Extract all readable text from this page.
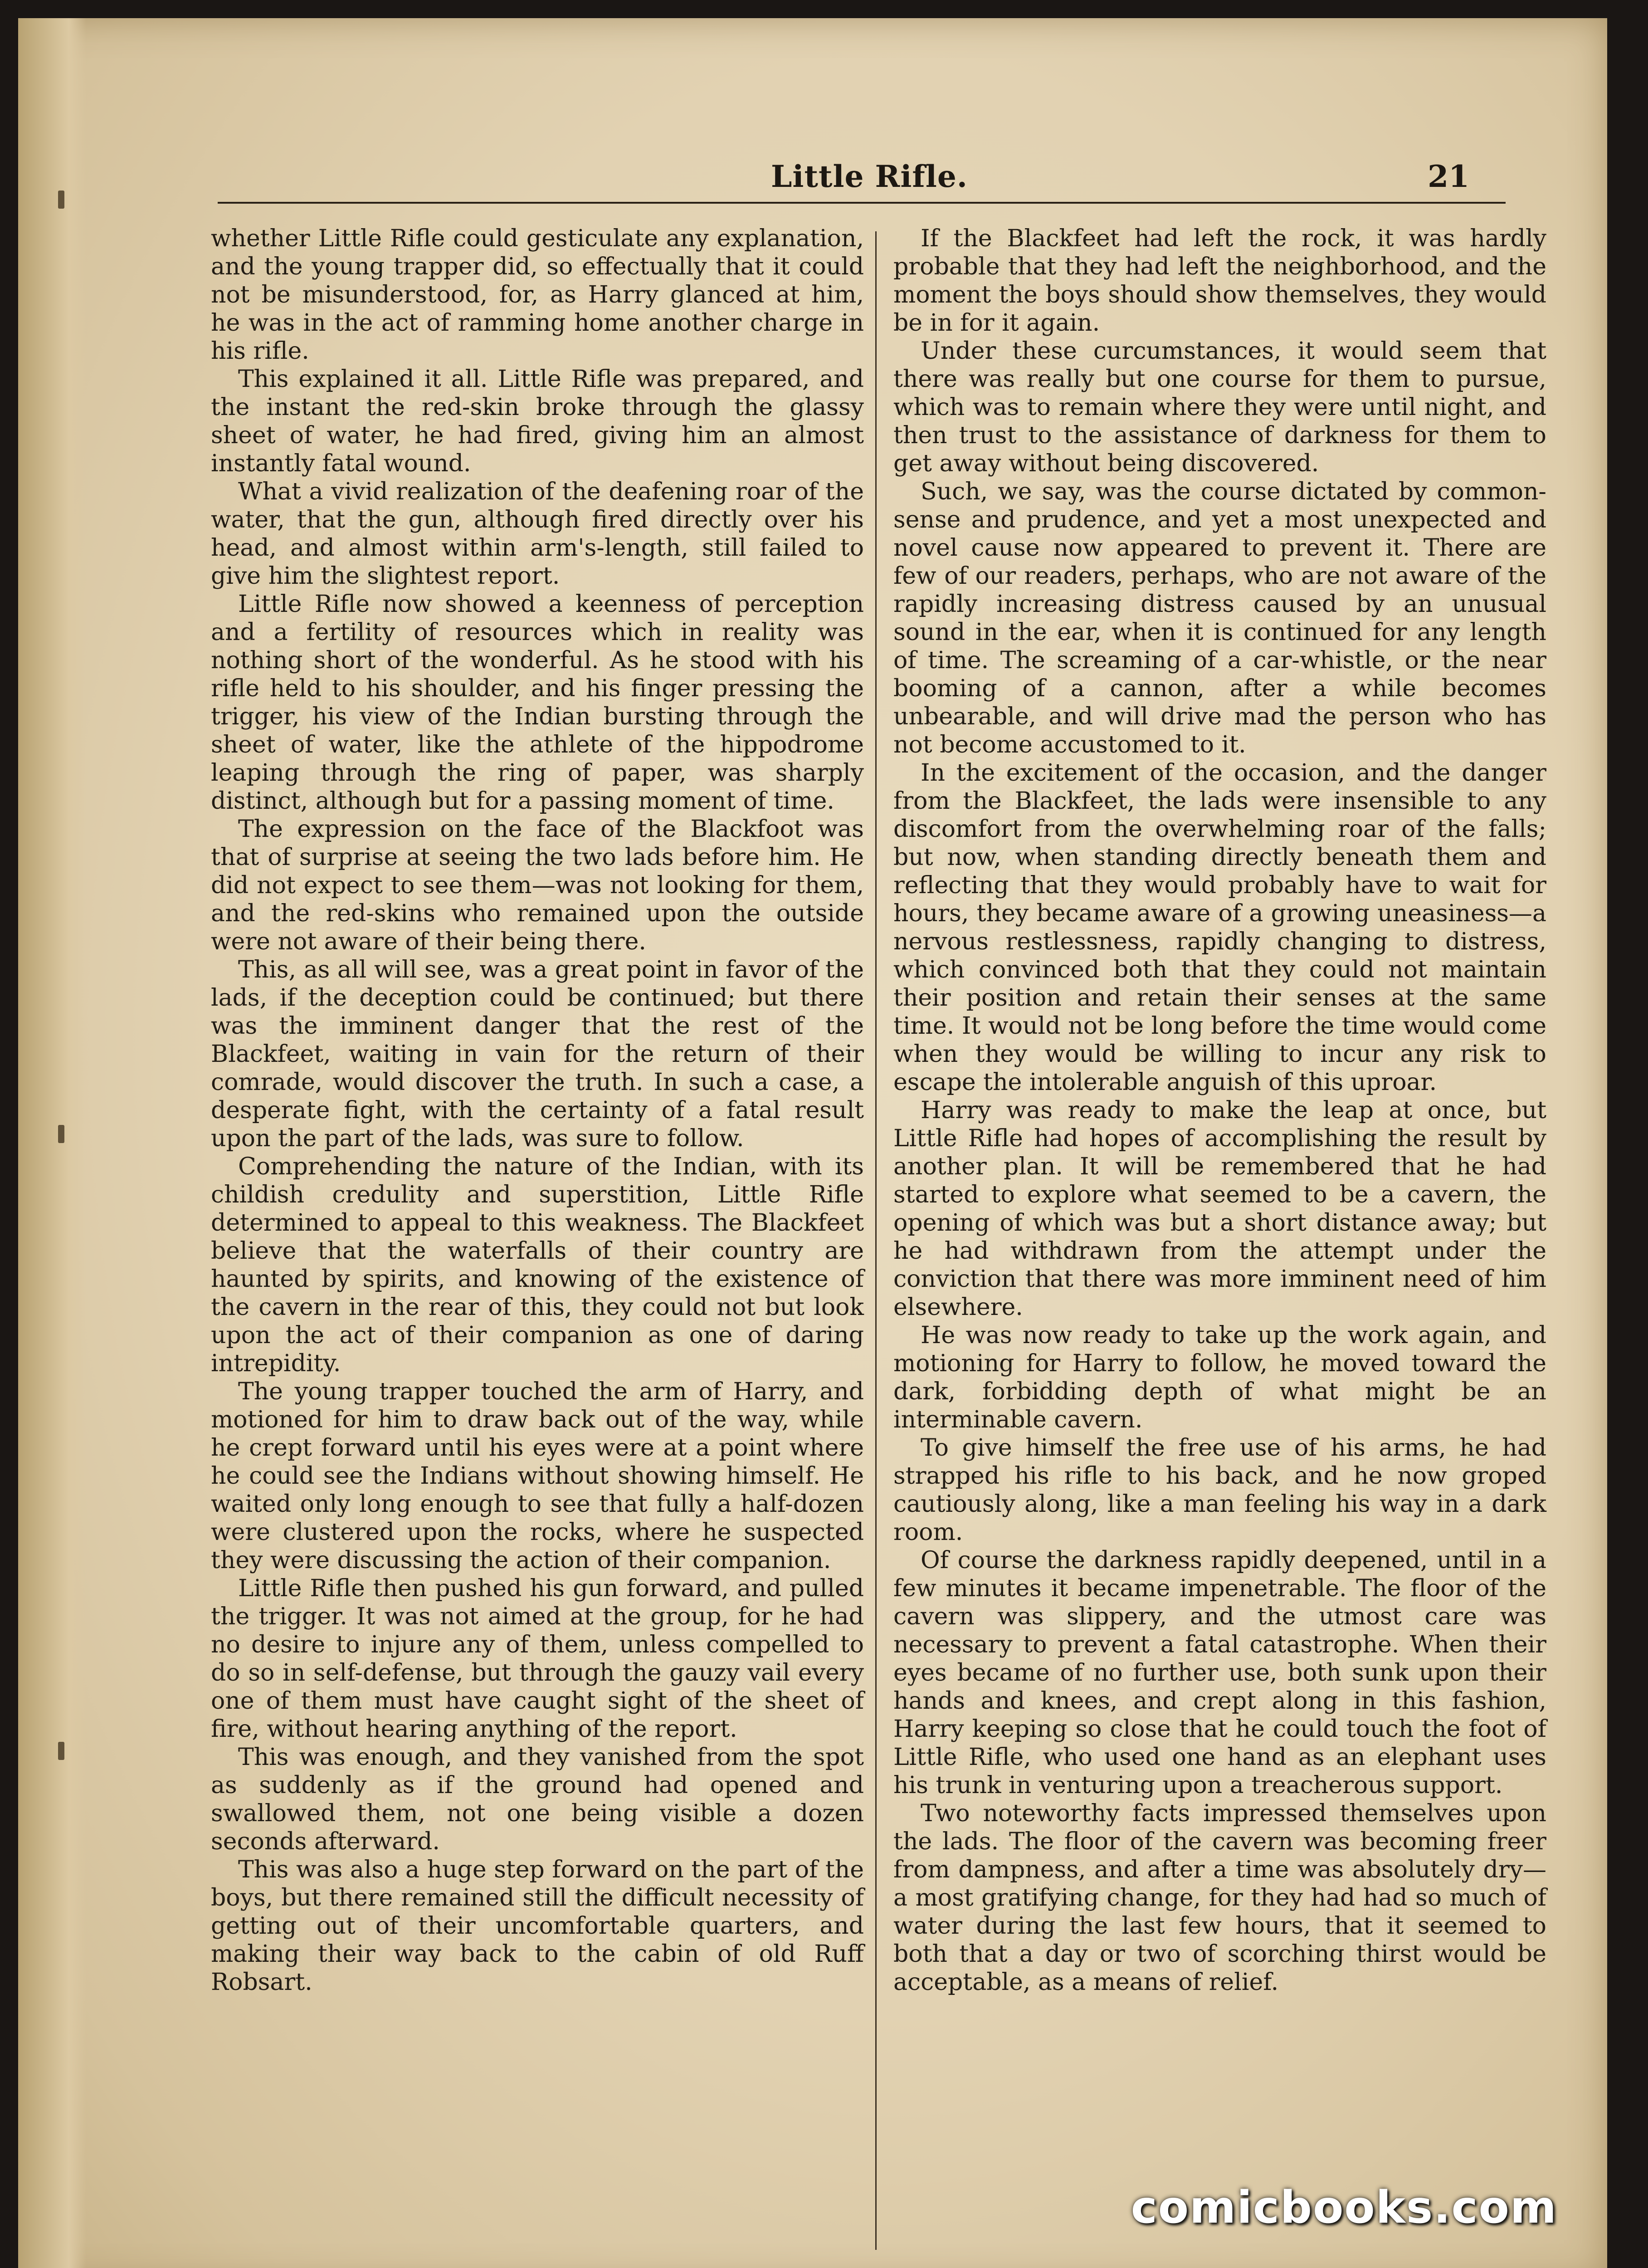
Little Rifle.	21

whether Little Rifle could gesticulate any explanation, and the young trapper did, so effectually that it could not be misunderstood, for, as Harry glanced at him, he was in the act of ramming home another charge in his rifle.

This explained it all. Little Rifle was prepared, and the instant the red-skin broke through the glassy sheet of water, he had fired, giving him an almost instantly fatal wound.

What a vivid realization of the deafening roar of the water, that the gun, although fired directly over his head, and almost within arm's-length, still failed to give him the slightest report.

Little Rifle now showed a keenness of perception and a fertility of resources which in reality was nothing short of the wonderful. As he stood with his rifle held to his shoulder, and his finger pressing the trigger, his view of the Indian bursting through the sheet of water, like the athlete of the hippodrome leaping through the ring of paper, was sharply distinct, although but for a passing moment of time.

The expression on the face of the Blackfoot was that of surprise at seeing the two lads before him. He did not expect to see them—was not looking for them, and the red-skins who remained upon the outside were not aware of their being there.

This, as all will see, was a great point in favor of the lads, if the deception could be continued; but there was the imminent danger that the rest of the Blackfeet, waiting in vain for the return of their comrade, would discover the truth. In such a case, a desperate fight, with the certainty of a fatal result upon the part of the lads, was sure to follow.

Comprehending the nature of the Indian, with its childish credulity and superstition, Little Rifle determined to appeal to this weakness. The Blackfeet believe that the waterfalls of their country are haunted by spirits, and knowing of the existence of the cavern in the rear of this, they could not but look upon the act of their companion as one of daring intrepidity.

The young trapper touched the arm of Harry, and motioned for him to draw back out of the way, while he crept forward until his eyes were at a point where he could see the Indians without showing himself. He waited only long enough to see that fully a half-dozen were clustered upon the rocks, where he suspected they were discussing the action of their companion.

Little Rifle then pushed his gun forward, and pulled the trigger. It was not aimed at the group, for he had no desire to injure any of them, unless compelled to do so in self-defense, but through the gauzy vail every one of them must have caught sight of the sheet of fire, without hearing anything of the report.

This was enough, and they vanished from the spot as suddenly as if the ground had opened and swallowed them, not one being visible a dozen seconds afterward.

This was also a huge step forward on the part of the boys, but there remained still the difficult necessity of getting out of their uncomfortable quarters, and making their way back to the cabin of old Ruff Robsart.

If the Blackfeet had left the rock, it was hardly probable that they had left the neighborhood, and the moment the boys should show themselves, they would be in for it again.

Under these curcumstances, it would seem that there was really but one course for them to pursue, which was to remain where they were until night, and then trust to the assistance of darkness for them to get away without being discovered.

Such, we say, was the course dictated by common-sense and prudence, and yet a most unexpected and novel cause now appeared to prevent it. There are few of our readers, perhaps, who are not aware of the rapidly increasing distress caused by an unusual sound in the ear, when it is continued for any length of time. The screaming of a car-whistle, or the near booming of a cannon, after a while becomes unbearable, and will drive mad the person who has not become accustomed to it.

In the excitement of the occasion, and the danger from the Blackfeet, the lads were insensible to any discomfort from the overwhelming roar of the falls; but now, when standing directly beneath them and reflecting that they would probably have to wait for hours, they became aware of a growing uneasiness—a nervous restlessness, rapidly changing to distress, which convinced both that they could not maintain their position and retain their senses at the same time. It would not be long before the time would come when they would be willing to incur any risk to escape the intolerable anguish of this uproar.

Harry was ready to make the leap at once, but Little Rifle had hopes of accomplishing the result by another plan. It will be remembered that he had started to explore what seemed to be a cavern, the opening of which was but a short distance away; but he had withdrawn from the attempt under the conviction that there was more imminent need of him elsewhere.

He was now ready to take up the work again, and motioning for Harry to follow, he moved toward the dark, forbidding depth of what might be an interminable cavern.

To give himself the free use of his arms, he had strapped his rifle to his back, and he now groped cautiously along, like a man feeling his way in a dark room.

Of course the darkness rapidly deepened, until in a few minutes it became impenetrable. The floor of the cavern was slippery, and the utmost care was necessary to prevent a fatal catastrophe. When their eyes became of no further use, both sunk upon their hands and knees, and crept along in this fashion, Harry keeping so close that he could touch the foot of Little Rifle, who used one hand as an elephant uses his trunk in venturing upon a treacherous support.

Two noteworthy facts impressed themselves upon the lads. The floor of the cavern was becoming freer from dampness, and after a time was absolutely dry—a most gratifying change, for they had had so much of water during the last few hours, that it seemed to both that a day or two of scorching thirst would be acceptable, as a means of relief.

comicbooks.com
